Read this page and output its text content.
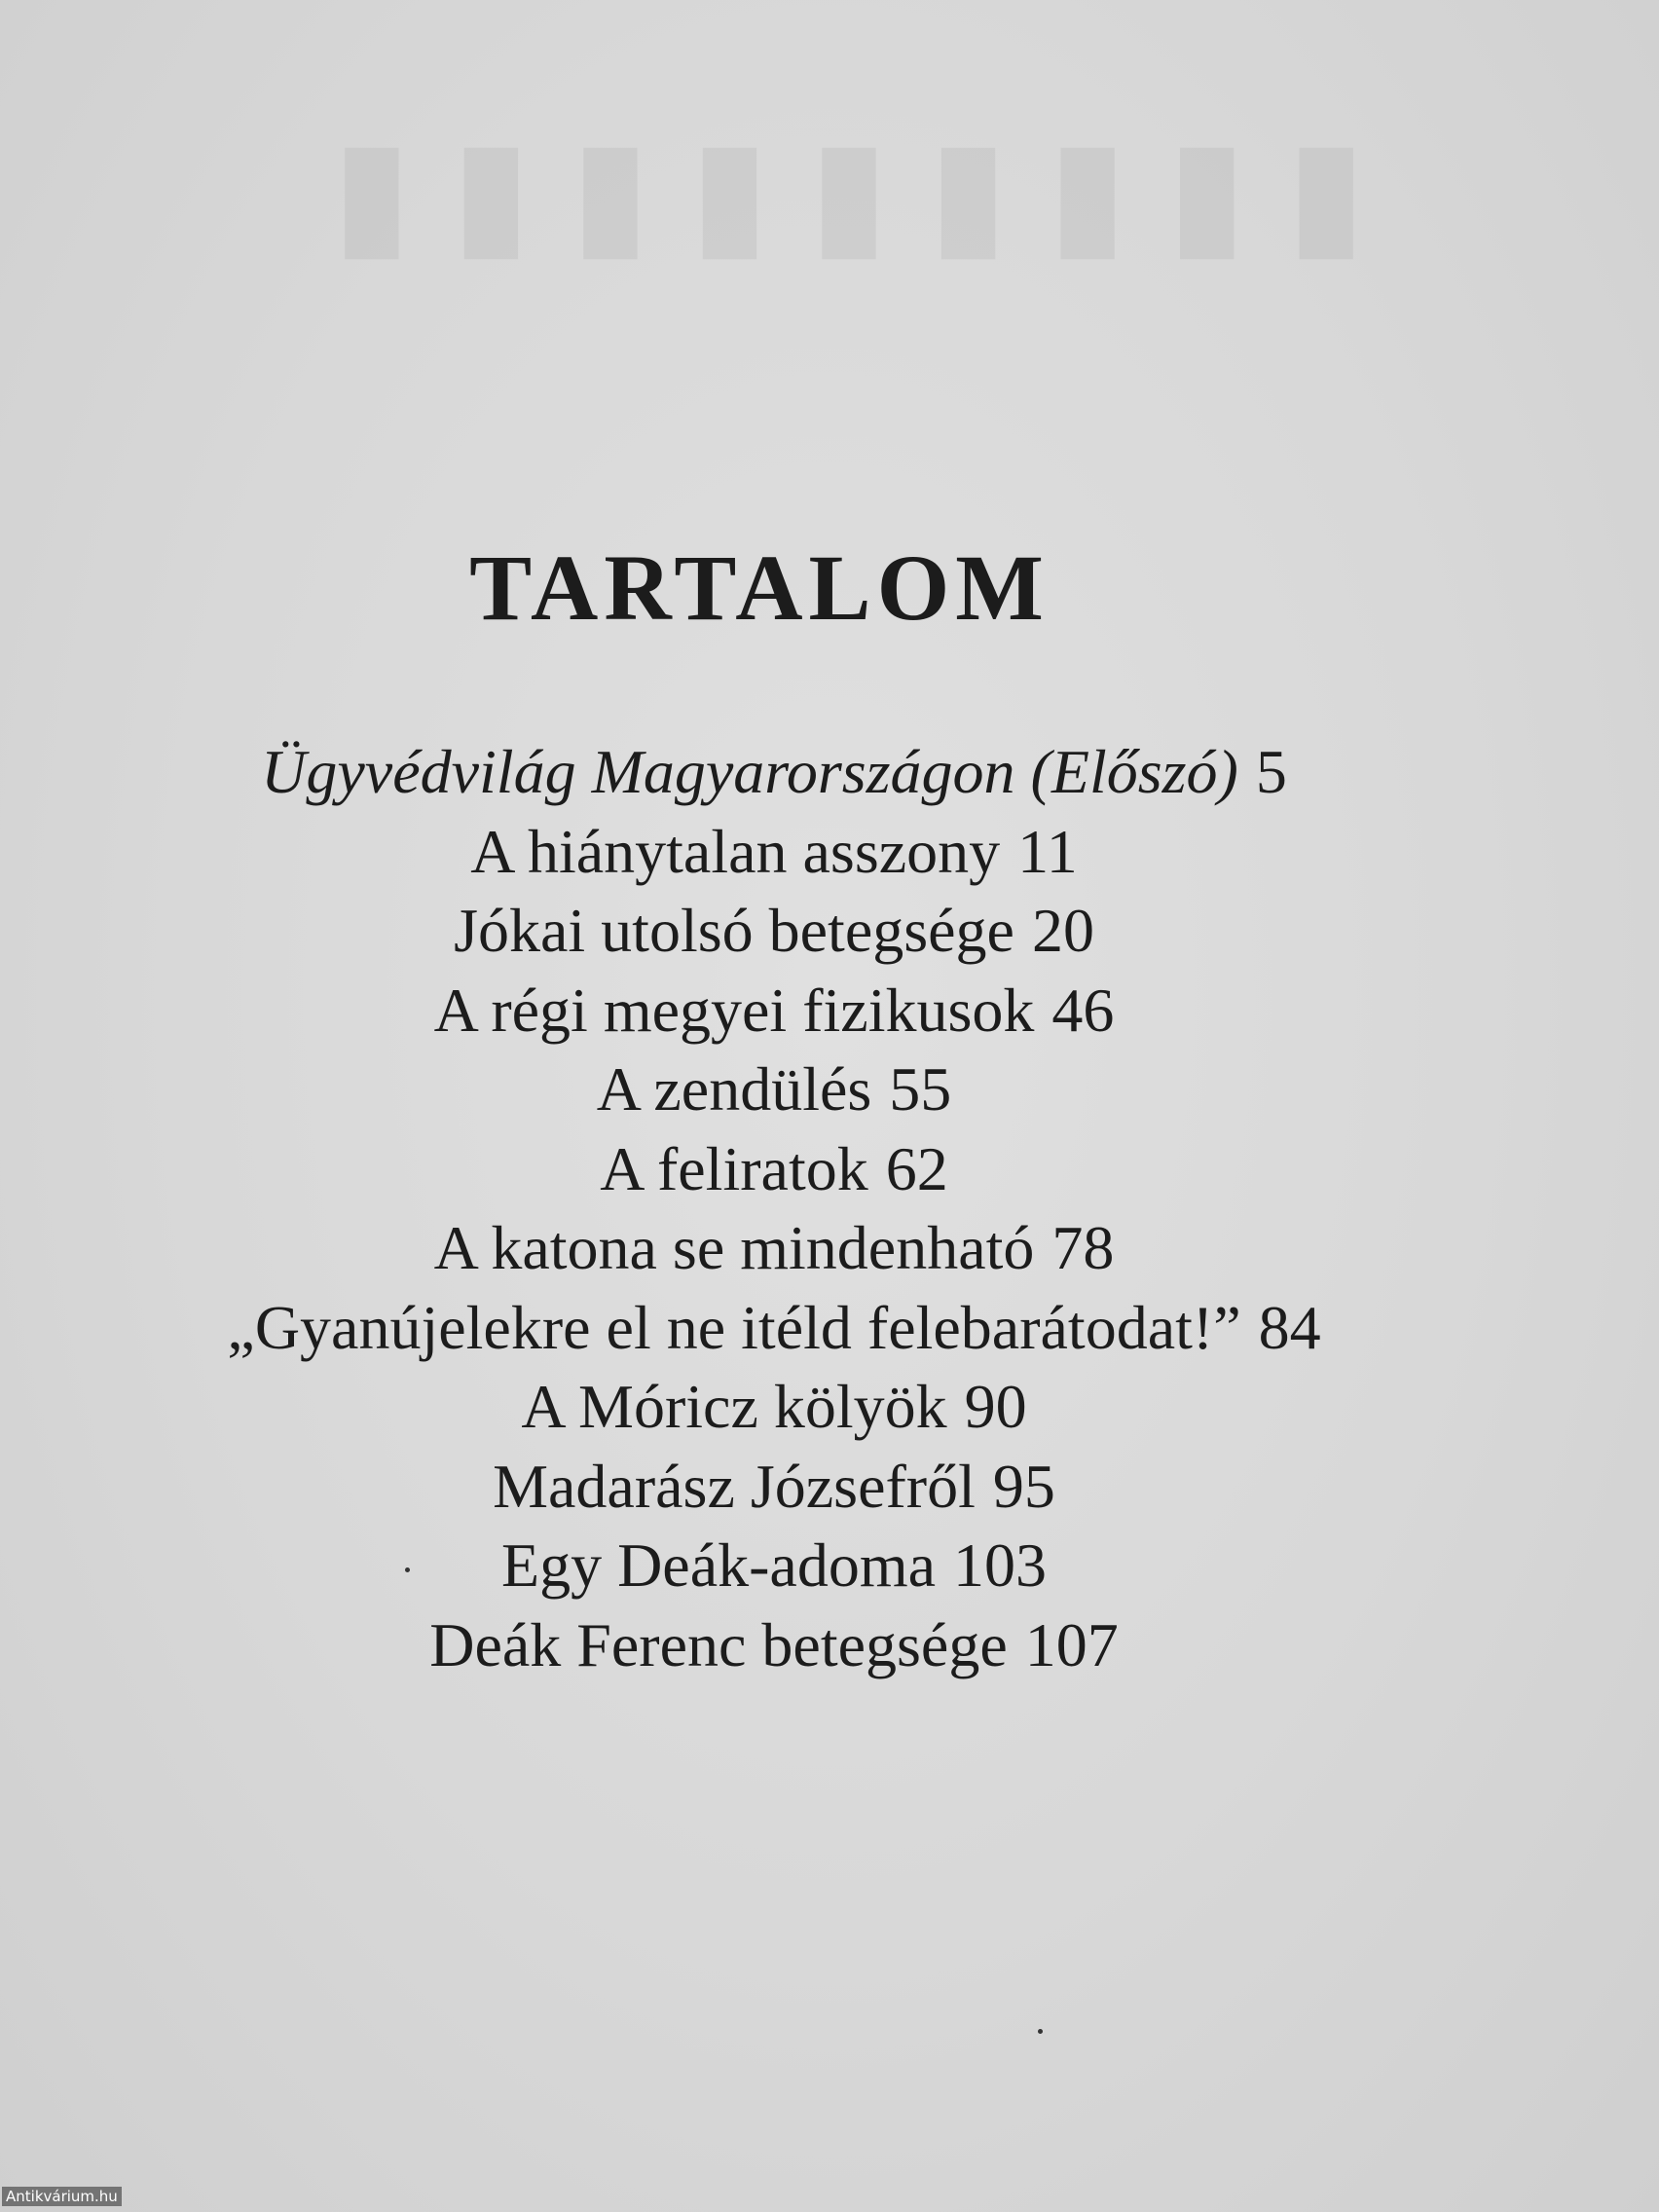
▮▮▮▮▮▮▮▮▮
TARTALOM
Ügyvédvilág Magyarországon (Előszó) 5
A hiánytalan asszony 11
Jókai utolsó betegsége 20
A régi megyei fizikusok 46
A zendülés 55
A feliratok 62
A katona se mindenható 78
„Gyanújelekre el ne itéld felebarátodat!” 84
A Móricz kölyök 90
Madarász Józsefről 95
Egy Deák-adoma 103
Deák Ferenc betegsége 107
Antikvárium.hu
